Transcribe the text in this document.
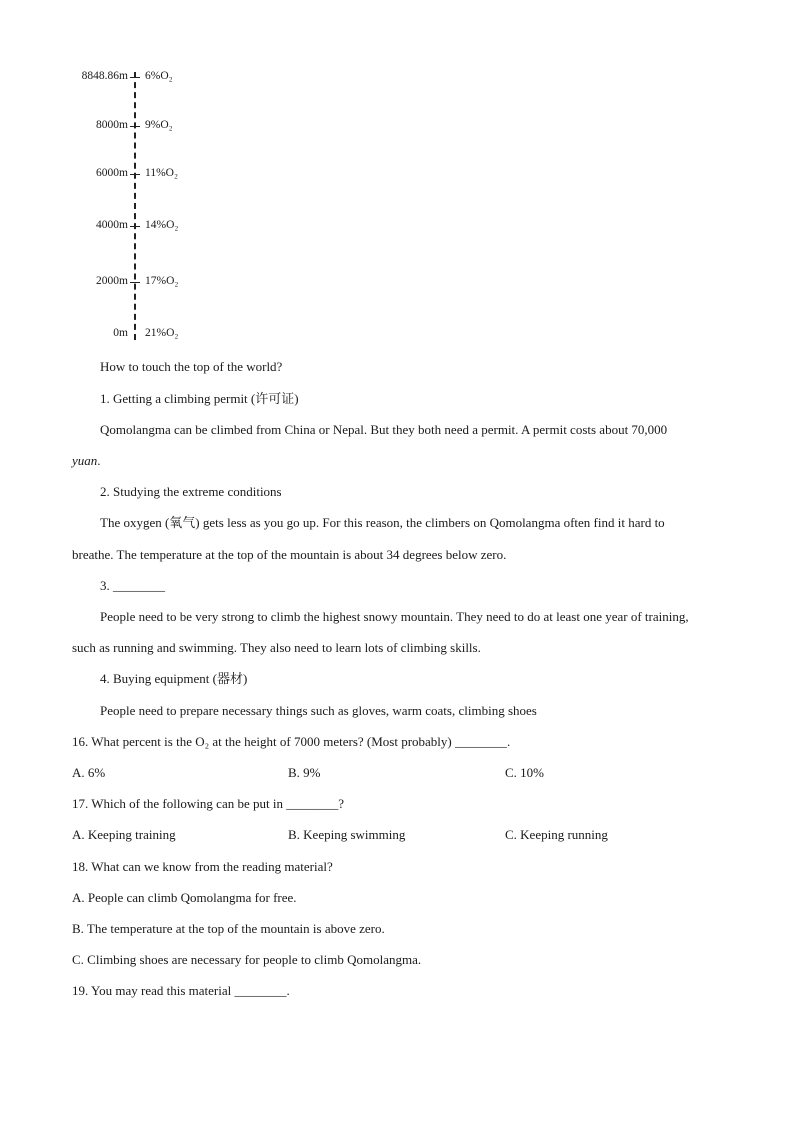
8848.86m 6%O₂
8000m 9%O₂
6000m 11%O₂
4000m 14%O₂
2000m 17%O₂
0m 21%O₂
How to touch the top of the world?
1. Getting a climbing permit (许可证)
Qomolangma can be climbed from China or Nepal. But they both need a permit. A permit costs about 70,000
yuan.
2. Studying the extreme conditions
The oxygen (氧气) gets less as you go up. For this reason, the climbers on Qomolangma often find it hard to
breathe. The temperature at the top of the mountain is about 34 degrees below zero.
3. ________
People need to be very strong to climb the highest snowy mountain. They need to do at least one year of training,
such as running and swimming. They also need to learn lots of climbing skills.
4. Buying equipment (器材)
People need to prepare necessary things such as gloves, warm coats, climbing shoes
16. What percent is the O₂ at the height of 7000 meters? (Most probably) ________.
A. 6%	B. 9%	C. 10%
17. Which of the following can be put in ________?
A. Keeping training	B. Keeping swimming	C. Keeping running
18. What can we know from the reading material?
A. People can climb Qomolangma for free.
B. The temperature at the top of the mountain is above zero.
C. Climbing shoes are necessary for people to climb Qomolangma.
19. You may read this material ________.
